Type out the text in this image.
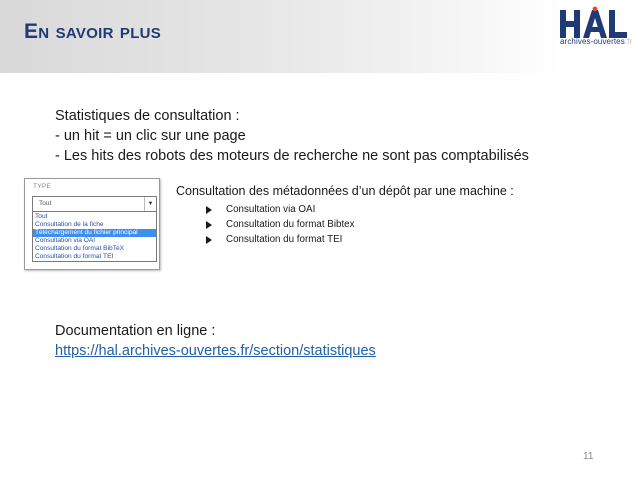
En savoir plus	archives-ouvertes.fr

Statistiques de consultation :

- un hit = un clic sur une page

- Les hits des robots des moteurs de recherche ne sont pas comptabilisés

TYPE
Tout	▼
Tout
Consultation de la fiche
Téléchargement du fichier principal
Consultation via OAI
Consultation du format BibTeX
Consultation du format TEI
Consultation des métadonnées d’un dépôt par une machine :
Consultation via OAI
Consultation du format Bibtex
Consultation du format TEI

Documentation en ligne :

https://hal.archives-ouvertes.fr/section/statistiques

11
